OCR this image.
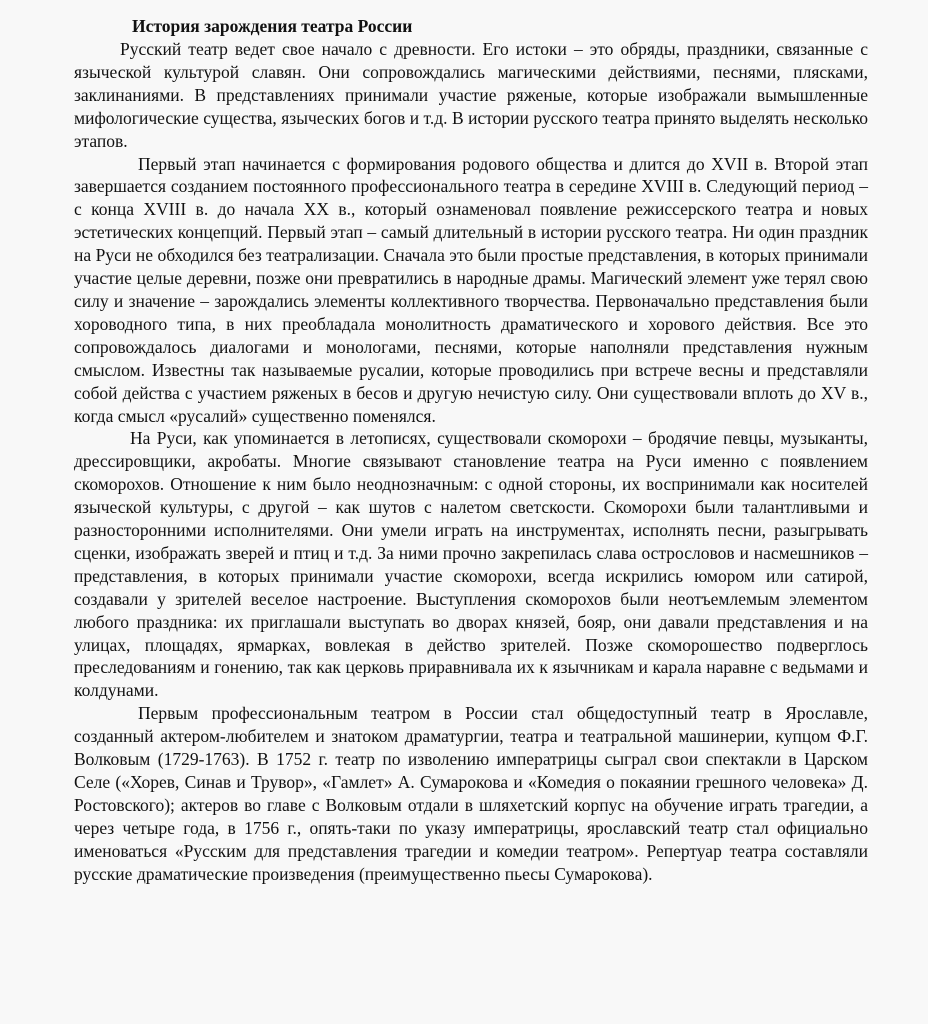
История зарождения театра России

Русский театр ведет свое начало с древности. Его истоки – это обряды, праздники, связанные с языческой культурой славян. Они сопровождались магическими действиями, песнями, плясками, заклинаниями. В представлениях принимали участие ряженые, которые изображали вымышленные мифологические существа, языческих богов и т.д. В истории русского театра принято выделять несколько этапов.

Первый этап начинается с формирования родового общества и длится до XVII в. Второй этап завершается созданием постоянного профессионального театра в середине XVIII в. Следующий период – с конца XVIII в. до начала XX в., который ознаменовал появление режиссерского театра и новых эстетических концепций. Первый этап – самый длительный в истории русского театра. Ни один праздник на Руси не обходился без театрализации. Сначала это были простые представления, в которых принимали участие целые деревни, позже они превратились в народные драмы. Магический элемент уже терял свою силу и значение – зарождались элементы коллективного творчества. Первоначально представления были хороводного типа, в них преобладала монолитность драматического и хорового действия. Все это сопровождалось диалогами и монологами, песнями, которые наполняли представления нужным смыслом. Известны так называемые русалии, которые проводились при встрече весны и представляли собой действа с участием ряженых в бесов и другую нечистую силу. Они существовали вплоть до XV в., когда смысл «русалий» существенно поменялся.

На Руси, как упоминается в летописях, существовали скоморохи – бродячие певцы, музыканты, дрессировщики, акробаты. Многие связывают становление театра на Руси именно с появлением скоморохов. Отношение к ним было неоднозначным: с одной стороны, их воспринимали как носителей языческой культуры, с другой – как шутов с налетом светскости. Скоморохи были талантливыми и разносторонними исполнителями. Они умели играть на инструментах, исполнять песни, разыгрывать сценки, изображать зверей и птиц и т.д. За ними прочно закрепилась слава острословов и насмешников – представления, в которых принимали участие скоморохи, всегда искрились юмором или сатирой, создавали у зрителей веселое настроение. Выступления скоморохов были неотъемлемым элементом любого праздника: их приглашали выступать во дворах князей, бояр, они давали представления и на улицах, площадях, ярмарках, вовлекая в действо зрителей. Позже скоморошество подверглось преследованиям и гонению, так как церковь приравнивала их к язычникам и карала наравне с ведьмами и колдунами.

Первым профессиональным театром в России стал общедоступный театр в Ярославле, созданный актером-любителем и знатоком драматургии, театра и театральной машинерии, купцом Ф.Г. Волковым (1729-1763). В 1752 г. театр по изволению императрицы сыграл свои спектакли в Царском Селе («Хорев, Синав и Трувор», «Гамлет» А. Сумарокова и «Комедия о покаянии грешного человека» Д. Ростовского); актеров во главе с Волковым отдали в шляхетский корпус на обучение играть трагедии, а через четыре года, в 1756 г., опять-таки по указу императрицы, ярославский театр стал официально именоваться «Русским для представления трагедии и комедии театром». Репертуар театра составляли русские драматические произведения (преимущественно пьесы Сумарокова).
